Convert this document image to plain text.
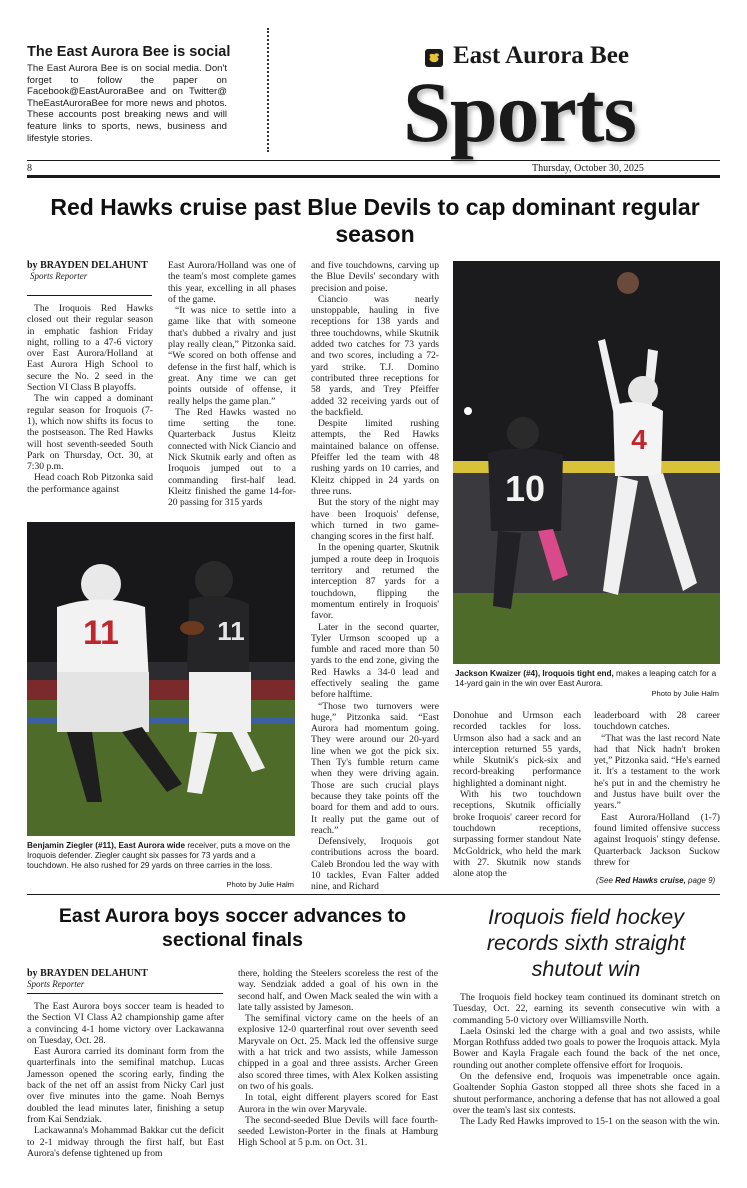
The East Aurora Bee is social
The East Aurora Bee is on social media. Don't forget to follow the paper on Facebook@EastAuroraBee and on Twitter@ TheEastAuroraBee for more news and photos. These accounts post breaking news and will feature links to sports, news, business and lifestyle stories.
East Aurora Bee
Sports
8	Thursday, October 30, 2025
Red Hawks cruise past Blue Devils to cap dominant regular season
by BRAYDEN DELAHUNT
Sports Reporter

The Iroquois Red Hawks closed out their regular season in emphatic fashion Friday night, rolling to a 47-6 victory over East Aurora/Holland at East Aurora High School to secure the No. 2 seed in the Section VI Class B playoffs.

The win capped a dominant regular season for Iroquois (7-1), which now shifts its focus to the postseason. The Red Hawks will host seventh-seeded South Park on Thursday, Oct. 30, at 7:30 p.m.

Head coach Rob Pitzonka said the performance against

East Aurora/Holland was one of the team's most complete games this year, excelling in all phases of the game.

“It was nice to settle into a game like that with someone that's dubbed a rivalry and just play really clean,” Pitzonka said. “We scored on both offense and defense in the first half, which is great. Any time we can get points outside of offense, it really helps the game plan.”

The Red Hawks wasted no time setting the tone. Quarterback Justus Kleitz connected with Nick Ciancio and Nick Skutnik early and often as Iroquois jumped out to a commanding first-half lead. Kleitz finished the game 14-for-20 passing for 315 yards

and five touchdowns, carving up the Blue Devils' secondary with precision and poise.

Ciancio was nearly unstoppable, hauling in five receptions for 138 yards and three touchdowns, while Skutnik added two catches for 73 yards and two scores, including a 72-yard strike. T.J. Domino contributed three receptions for 58 yards, and Trey Pfeiffer added 32 receiving yards out of the backfield.

Despite limited rushing attempts, the Red Hawks maintained balance on offense. Pfeiffer led the team with 48 rushing yards on 10 carries, and Kleitz chipped in 24 yards on three runs.

But the story of the night may have been Iroquois' defense, which turned in two game-changing scores in the first half.

In the opening quarter, Skutnik jumped a route deep in Iroquois territory and returned the interception 87 yards for a touchdown, flipping the momentum entirely in Iroquois' favor.

Later in the second quarter, Tyler Urmson scooped up a fumble and raced more than 50 yards to the end zone, giving the Red Hawks a 34-0 lead and effectively sealing the game before halftime.

“Those two turnovers were huge,” Pitzonka said. “East Aurora had momentum going. They were around our 20-yard line when we got the pick six. Then Ty's fumble return came when they were driving again. Those are such crucial plays because they take points off the board for them and add to ours. It really put the game out of reach.”

Defensively, Iroquois got contributions across the board. Caleb Brondou led the way with 10 tackles, Evan Falter added nine, and Richard

11	11
Benjamin Ziegler (#11), East Aurora wide receiver, puts a move on the Iroquois defender. Ziegler caught six passes for 73 yards and a touchdown. He also rushed for 29 yards on three carries in the loss.
Photo by Julie Halm
10
4
Jackson Kwaizer (#4), Iroquois tight end, makes a leaping catch for a 14-yard gain in the win over East Aurora.
Photo by Julie Halm

Donohue and Urmson each recorded tackles for loss. Urmson also had a sack and an interception returned 55 yards, while Skutnik's pick-six and record-breaking performance highlighted a dominant night.

With his two touchdown receptions, Skutnik officially broke Iroquois' career record for touchdown receptions, surpassing former standout Nate McGoldrick, who held the mark with 27. Skutnik now stands alone atop the

leaderboard with 28 career touchdown catches.

“That was the last record Nate had that Nick hadn't broken yet,” Pitzonka said. “He's earned it. It's a testament to the work he's put in and the chemistry he and Justus have built over the years.”

East Aurora/Holland (1-7) found limited offensive success against Iroquois' stingy defense. Quarterback Jackson Suckow threw for

(See Red Hawks cruise, page 9)
East Aurora boys soccer advances to sectional finals
by BRAYDEN DELAHUNT
Sports Reporter

The East Aurora boys soccer team is headed to the Section VI Class A2 championship game after a convincing 4-1 home victory over Lackawanna on Tuesday, Oct. 28.

East Aurora carried its dominant form from the quarterfinals into the semifinal matchup. Lucas Jamesson opened the scoring early, finding the back of the net off an assist from Nicky Carl just over five minutes into the game. Noah Bernys doubled the lead minutes later, finishing a setup from Kai Sendziak.

Lackawanna's Mohammad Bakkar cut the deficit to 2-1 midway through the first half, but East Aurora's defense tightened up from

there, holding the Steelers scoreless the rest of the way. Sendziak added a goal of his own in the second half, and Owen Mack sealed the win with a late tally assisted by Jameson.

The semifinal victory came on the heels of an explosive 12-0 quarterfinal rout over seventh seed Maryvale on Oct. 25. Mack led the offensive surge with a hat trick and two assists, while Jamesson chipped in a goal and three assists. Archer Green also scored three times, with Alex Kolken assisting on two of his goals.

In total, eight different players scored for East Aurora in the win over Maryvale.

The second-seeded Blue Devils will face fourth-seeded Lewiston-Porter in the finals at Hamburg High School at 5 p.m. on Oct. 31.

Iroquois field hockey records sixth straight shutout win

The Iroquois field hockey team continued its dominant stretch on Tuesday, Oct. 22, earning its seventh consecutive win with a commanding 5-0 victory over Williamsville North.

Laela Osinski led the charge with a goal and two assists, while Morgan Rothfuss added two goals to power the Iroquois attack. Myla Bower and Kayla Fragale each found the back of the net once, rounding out another complete offensive effort for Iroquois.

On the defensive end, Iroquois was impenetrable once again. Goaltender Sophia Gaston stopped all three shots she faced in a shutout performance, anchoring a defense that has not allowed a goal over the team's last six contests.

The Lady Red Hawks improved to 15-1 on the season with the win.
